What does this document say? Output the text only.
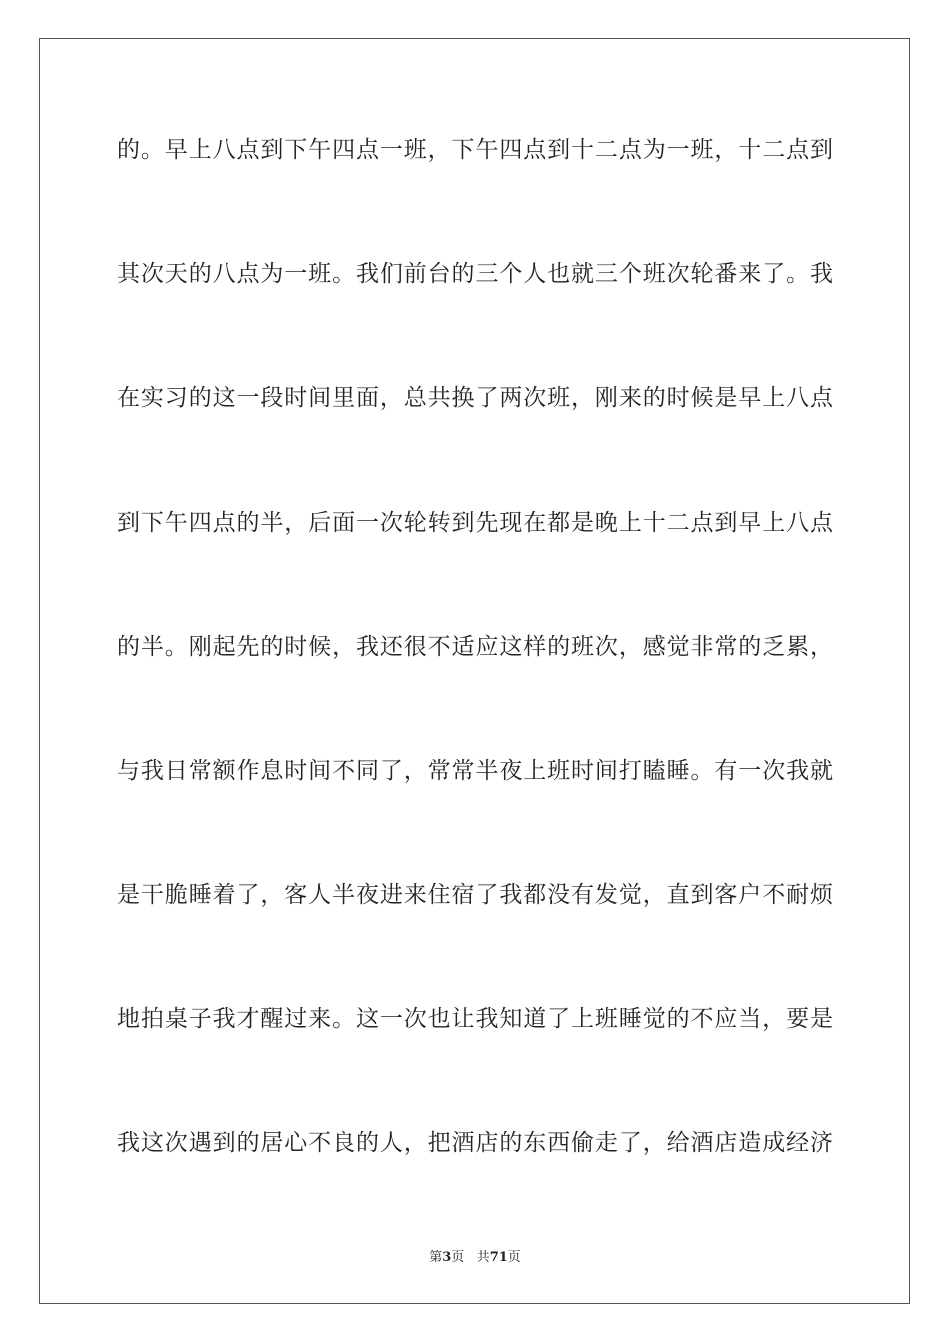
的。早上八点到下午四点一班，下午四点到十二点为一班，十二点到
其次天的八点为一班。我们前台的三个人也就三个班次轮番来了。我
在实习的这一段时间里面，总共换了两次班，刚来的时候是早上八点
到下午四点的半，后面一次轮转到先现在都是晚上十二点到早上八点
的半。刚起先的时候，我还很不适应这样的班次，感觉非常的乏累，
与我日常额作息时间不同了，常常半夜上班时间打瞌睡。有一次我就
是干脆睡着了，客人半夜进来住宿了我都没有发觉，直到客户不耐烦
地拍桌子我才醒过来。这一次也让我知道了上班睡觉的不应当，要是
我这次遇到的居心不良的人，把酒店的东西偷走了，给酒店造成经济
第3页 共71页
